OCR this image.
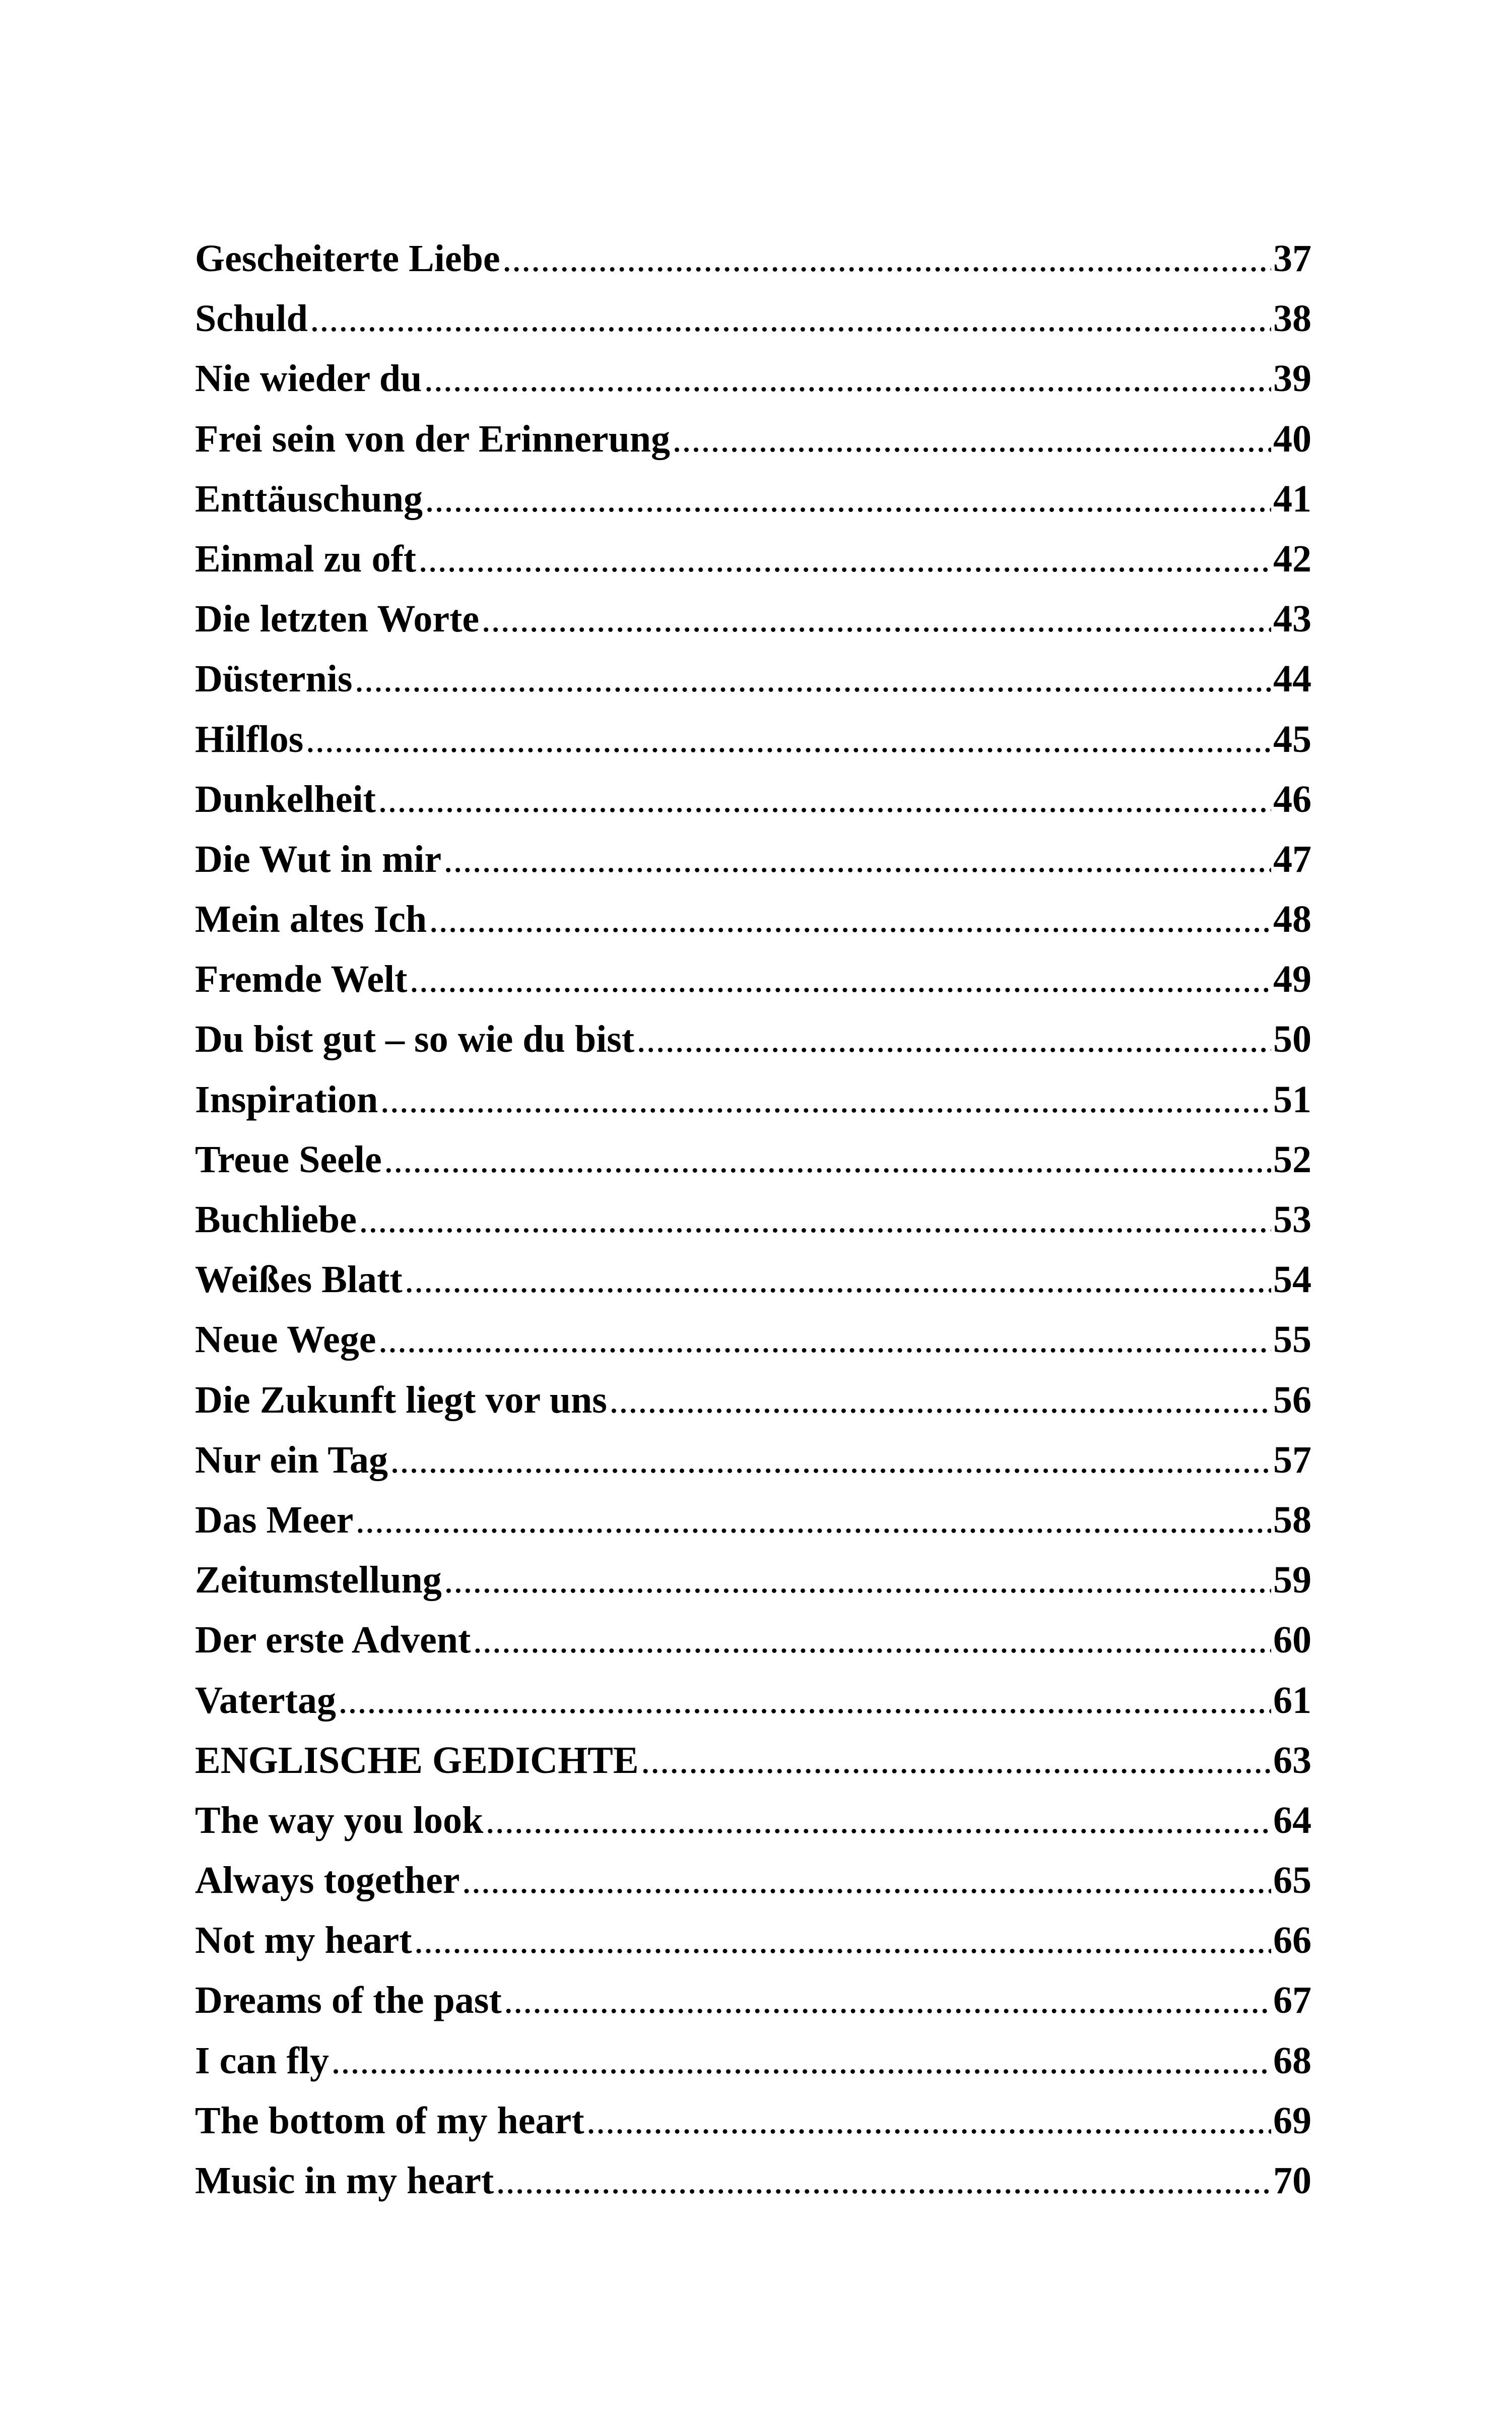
Gescheiterte Liebe .....	37
Schuld .....	38
Nie wieder du .....	39
Frei sein von der Erinnerung .....	40
Enttäuschung .....	41
Einmal zu oft .....	42
Die letzten Worte .....	43
Düsternis .....	44
Hilflos .....	45
Dunkelheit .....	46
Die Wut in mir .....	47
Mein altes Ich .....	48
Fremde Welt .....	49
Du bist gut – so wie du bist .....	50
Inspiration .....	51
Treue Seele .....	52
Buchliebe .....	53
Weißes Blatt .....	54
Neue Wege .....	55
Die Zukunft liegt vor uns .....	56
Nur ein Tag .....	57
Das Meer .....	58
Zeitumstellung .....	59
Der erste Advent .....	60
Vatertag .....	61
ENGLISCHE GEDICHTE .....	63
The way you look .....	64
Always together .....	65
Not my heart .....	66
Dreams of the past .....	67
I can fly .....	68
The bottom of my heart .....	69
Music in my heart .....	70
